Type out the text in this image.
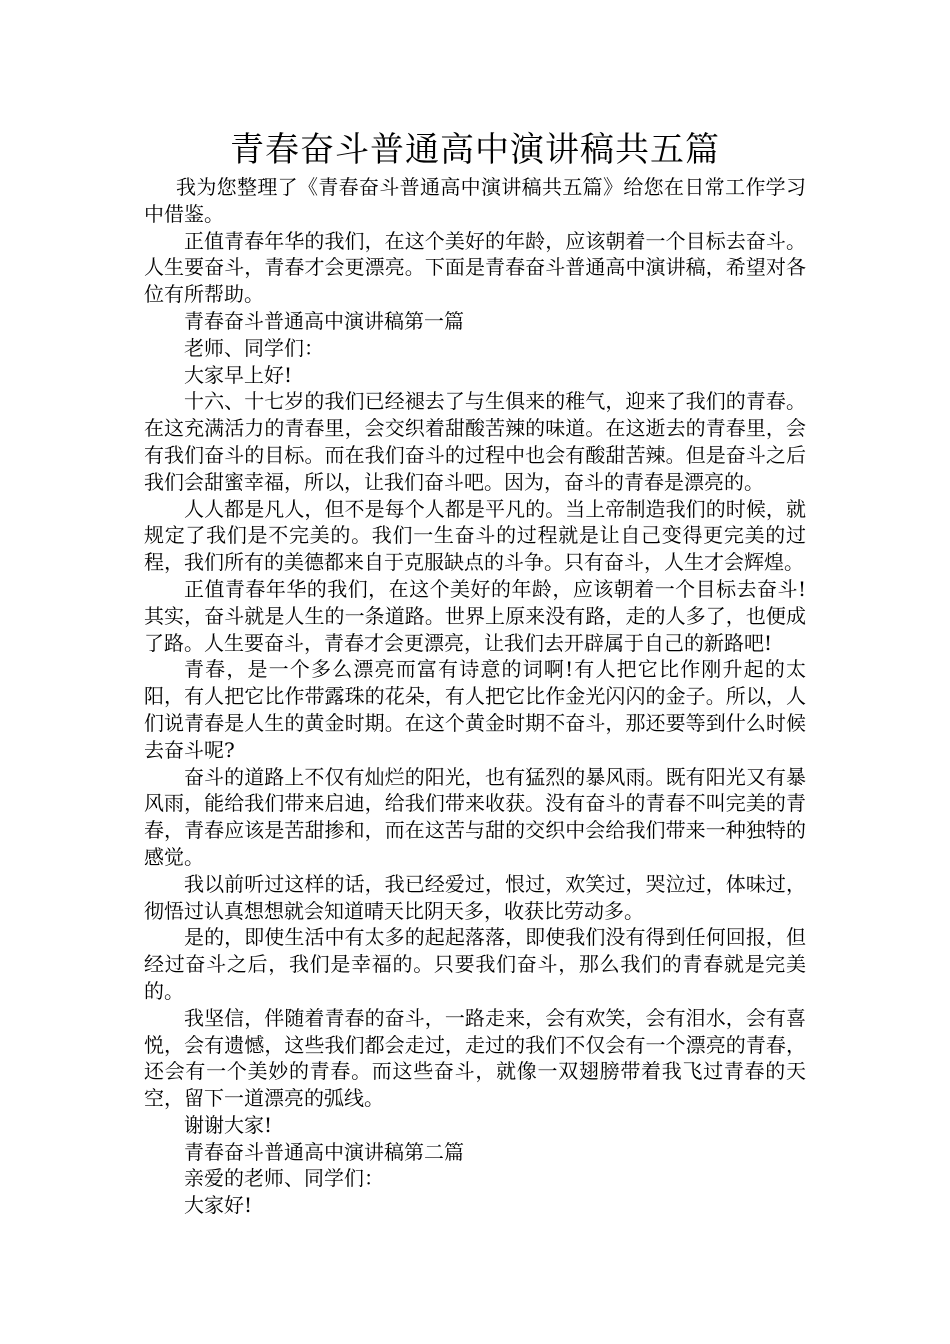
青春奋斗普通高中演讲稿共五篇

我为您整理了《青春奋斗普通高中演讲稿共五篇》给您在日常工作学习中借鉴。

正值青春年华的我们，在这个美好的年龄，应该朝着一个目标去奋斗。人生要奋斗，青春才会更漂亮。下面是青春奋斗普通高中演讲稿，希望对各位有所帮助。

青春奋斗普通高中演讲稿第一篇

老师、同学们：

大家早上好!

十六、十七岁的我们已经褪去了与生俱来的稚气，迎来了我们的青春。在这充满活力的青春里，会交织着甜酸苦辣的味道。在这逝去的青春里，会有我们奋斗的目标。而在我们奋斗的过程中也会有酸甜苦辣。但是奋斗之后我们会甜蜜幸福，所以，让我们奋斗吧。因为，奋斗的青春是漂亮的。

人人都是凡人，但不是每个人都是平凡的。当上帝制造我们的时候，就规定了我们是不完美的。我们一生奋斗的过程就是让自己变得更完美的过程，我们所有的美德都来自于克服缺点的斗争。只有奋斗，人生才会辉煌。

正值青春年华的我们，在这个美好的年龄，应该朝着一个目标去奋斗!其实，奋斗就是人生的一条道路。世界上原来没有路，走的人多了，也便成了路。人生要奋斗，青春才会更漂亮，让我们去开辟属于自己的新路吧!

青春，是一个多么漂亮而富有诗意的词啊!有人把它比作刚升起的太阳，有人把它比作带露珠的花朵，有人把它比作金光闪闪的金子。所以，人们说青春是人生的黄金时期。在这个黄金时期不奋斗，那还要等到什么时候去奋斗呢?

奋斗的道路上不仅有灿烂的阳光，也有猛烈的暴风雨。既有阳光又有暴风雨，能给我们带来启迪，给我们带来收获。没有奋斗的青春不叫完美的青春，青春应该是苦甜掺和，而在这苦与甜的交织中会给我们带来一种独特的感觉。

我以前听过这样的话，我已经爱过，恨过，欢笑过，哭泣过，体味过，彻悟过认真想想就会知道晴天比阴天多，收获比劳动多。

是的，即使生活中有太多的起起落落，即使我们没有得到任何回报，但经过奋斗之后，我们是幸福的。只要我们奋斗，那么我们的青春就是完美的。

我坚信，伴随着青春的奋斗，一路走来，会有欢笑，会有泪水，会有喜悦，会有遗憾，这些我们都会走过，走过的我们不仅会有一个漂亮的青春，还会有一个美妙的青春。而这些奋斗，就像一双翅膀带着我飞过青春的天空，留下一道漂亮的弧线。

谢谢大家!

青春奋斗普通高中演讲稿第二篇

亲爱的老师、同学们：

大家好!
